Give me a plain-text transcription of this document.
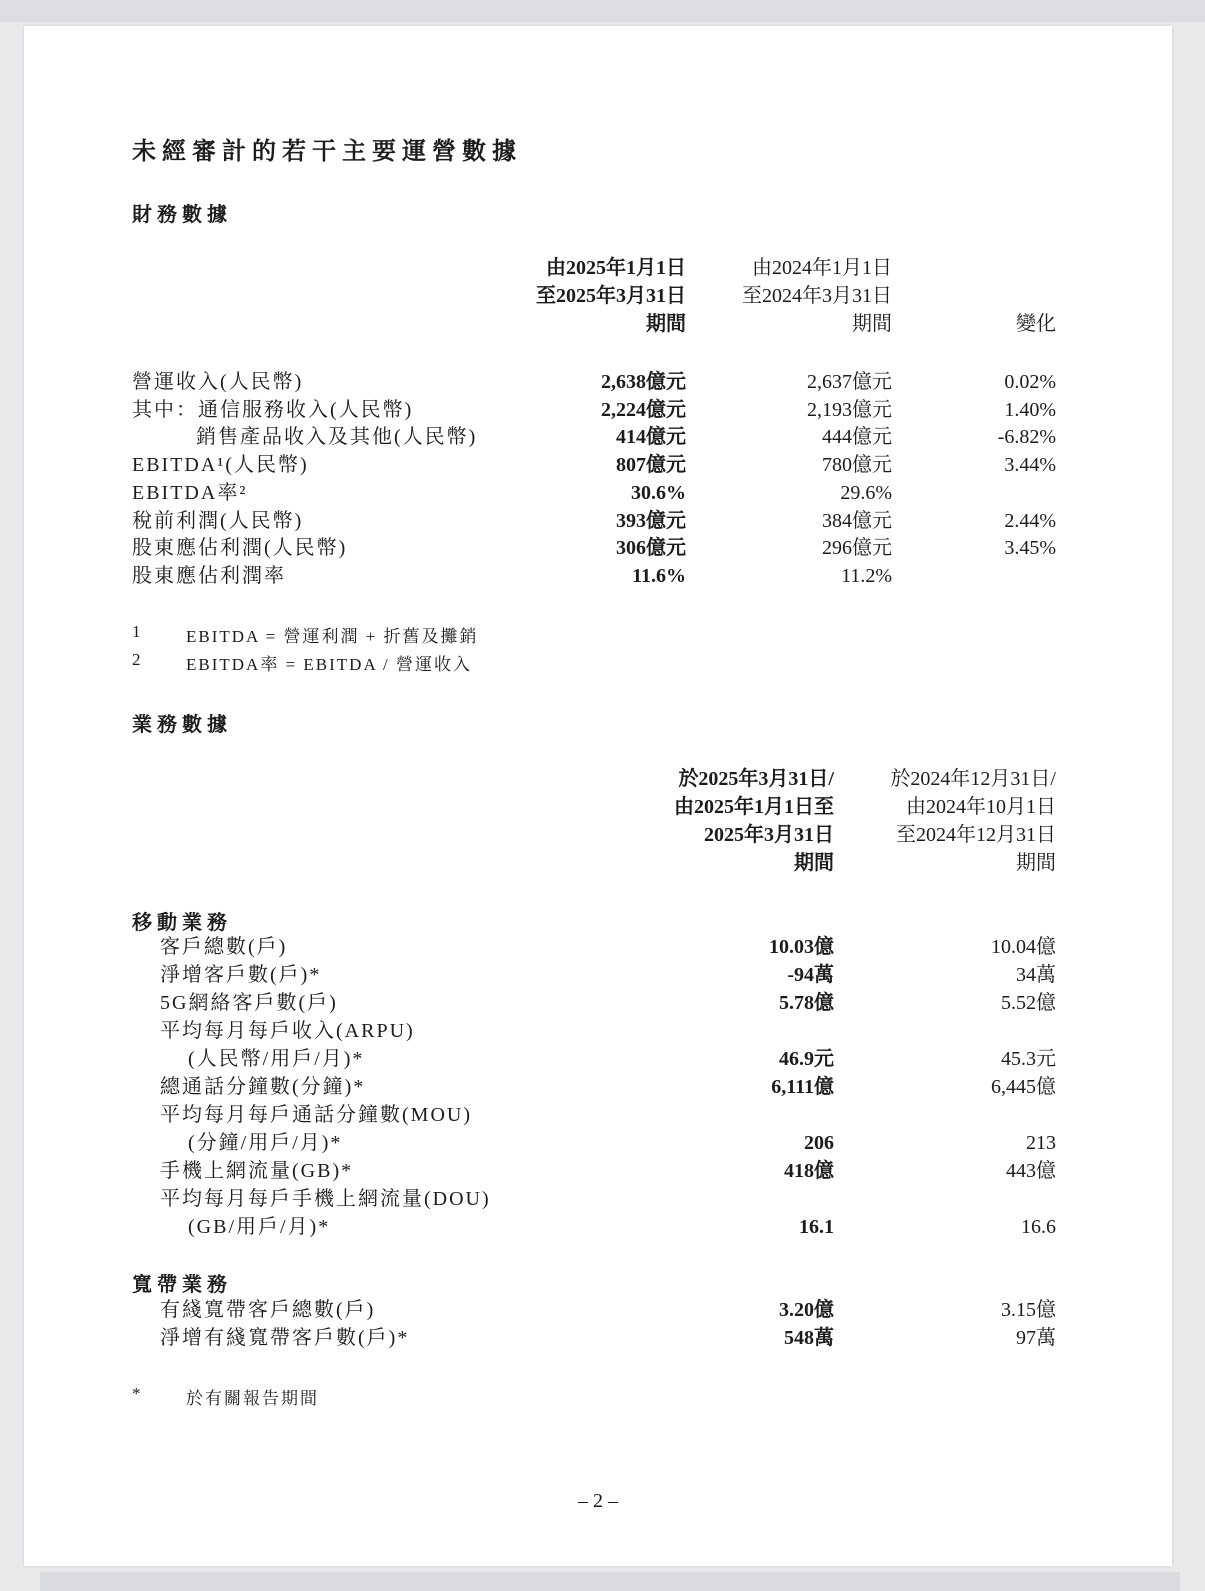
未經審計的若干主要運營數據
財務數據
由2025年1月1日
至2025年3月31日
期間
由2024年1月1日
至2024年3月31日
期間	變化
營運收入(人民幣)	2,638億元	2,637億元	0.02%
其中：通信服務收入(人民幣)	2,224億元	2,193億元	1.40%
銷售產品收入及其他(人民幣)	414億元	444億元	-6.82%
EBITDA¹(人民幣)	807億元	780億元	3.44%
EBITDA率²	30.6%	29.6%
稅前利潤(人民幣)	393億元	384億元	2.44%
股東應佔利潤(人民幣)	306億元	296億元	3.45%
股東應佔利潤率	11.6%	11.2%
1	EBITDA = 營運利潤 + 折舊及攤銷
2	EBITDA率 = EBITDA / 營運收入
業務數據
於2025年3月31日/
由2025年1月1日至
2025年3月31日
期間
於2024年12月31日/
由2024年10月1日
至2024年12月31日
期間
移動業務
客戶總數(戶)	10.03億	10.04億
淨增客戶數(戶)*	-94萬	34萬
5G網絡客戶數(戶)	5.78億	5.52億
平均每月每戶收入(ARPU)
(人民幣/用戶/月)*	46.9元	45.3元
總通話分鐘數(分鐘)*	6,111億	6,445億
平均每月每戶通話分鐘數(MOU)
(分鐘/用戶/月)*	206	213
手機上網流量(GB)*	418億	443億
平均每月每戶手機上網流量(DOU)
(GB/用戶/月)*	16.1	16.6
寬帶業務
有綫寬帶客戶總數(戶)	3.20億	3.15億
淨增有綫寬帶客戶數(戶)*	548萬	97萬
*	於有關報告期間
– 2 –
